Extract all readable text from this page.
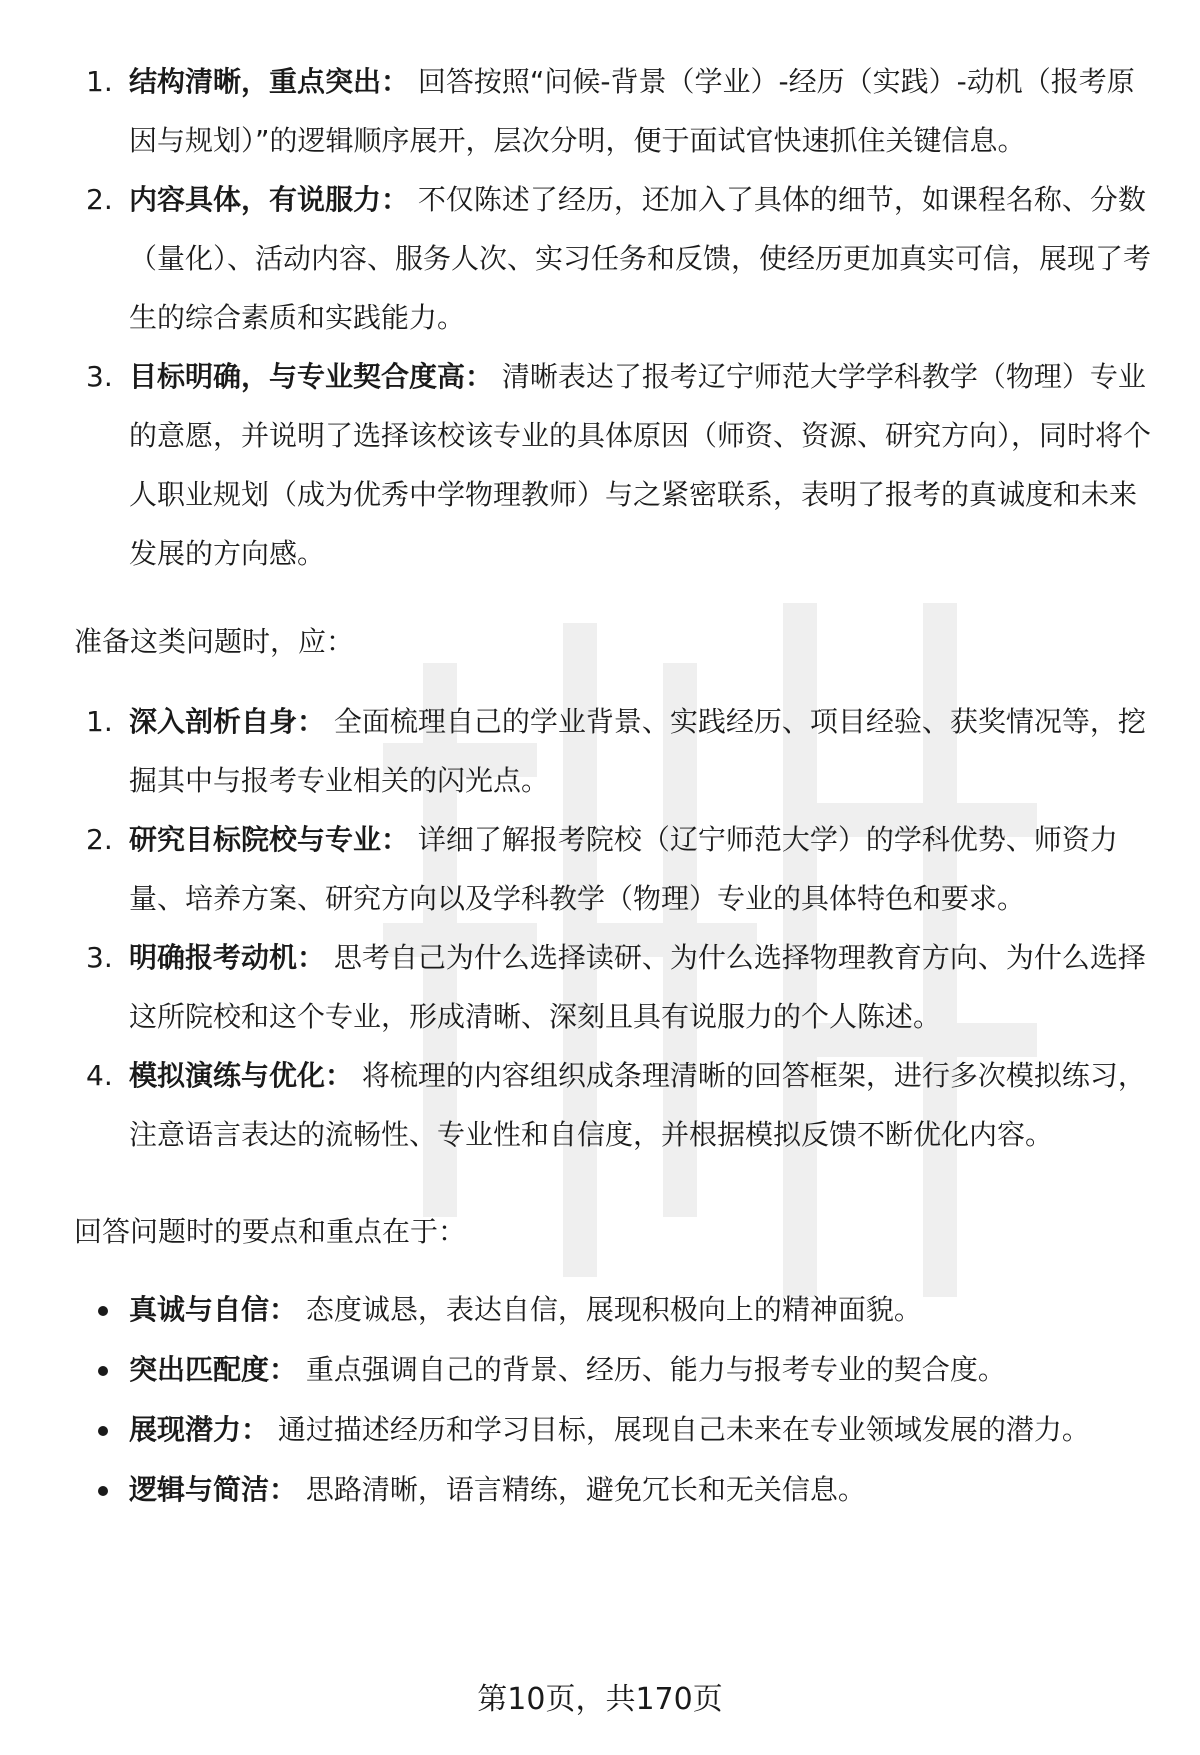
1. 结构清晰，重点突出： 回答按照“问候-背景（学业）-经历（实践）-动机（报考原因与规划）”的逻辑顺序展开，层次分明，便于面试官快速抓住关键信息。
2. 内容具体，有说服力： 不仅陈述了经历，还加入了具体的细节，如课程名称、分数（量化）、活动内容、服务人次、实习任务和反馈，使经历更加真实可信，展现了考生的综合素质和实践能力。
3. 目标明确，与专业契合度高： 清晰表达了报考辽宁师范大学学科教学（物理）专业的意愿，并说明了选择该校该专业的具体原因（师资、资源、研究方向），同时将个人职业规划（成为优秀中学物理教师）与之紧密联系，表明了报考的真诚度和未来发展的方向感。
准备这类问题时，应：
1. 深入剖析自身： 全面梳理自己的学业背景、实践经历、项目经验、获奖情况等，挖掘其中与报考专业相关的闪光点。
2. 研究目标院校与专业： 详细了解报考院校（辽宁师范大学）的学科优势、师资力量、培养方案、研究方向以及学科教学（物理）专业的具体特色和要求。
3. 明确报考动机： 思考自己为什么选择读研、为什么选择物理教育方向、为什么选择这所院校和这个专业，形成清晰、深刻且具有说服力的个人陈述。
4. 模拟演练与优化： 将梳理的内容组织成条理清晰的回答框架，进行多次模拟练习，注意语言表达的流畅性、专业性和自信度，并根据模拟反馈不断优化内容。
回答问题时的要点和重点在于：
真诚与自信： 态度诚恳，表达自信，展现积极向上的精神面貌。
突出匹配度： 重点强调自己的背景、经历、能力与报考专业的契合度。
展现潜力： 通过描述经历和学习目标，展现自己未来在专业领域发展的潜力。
逻辑与简洁： 思路清晰，语言精练，避免冗长和无关信息。
第10页，共170页
